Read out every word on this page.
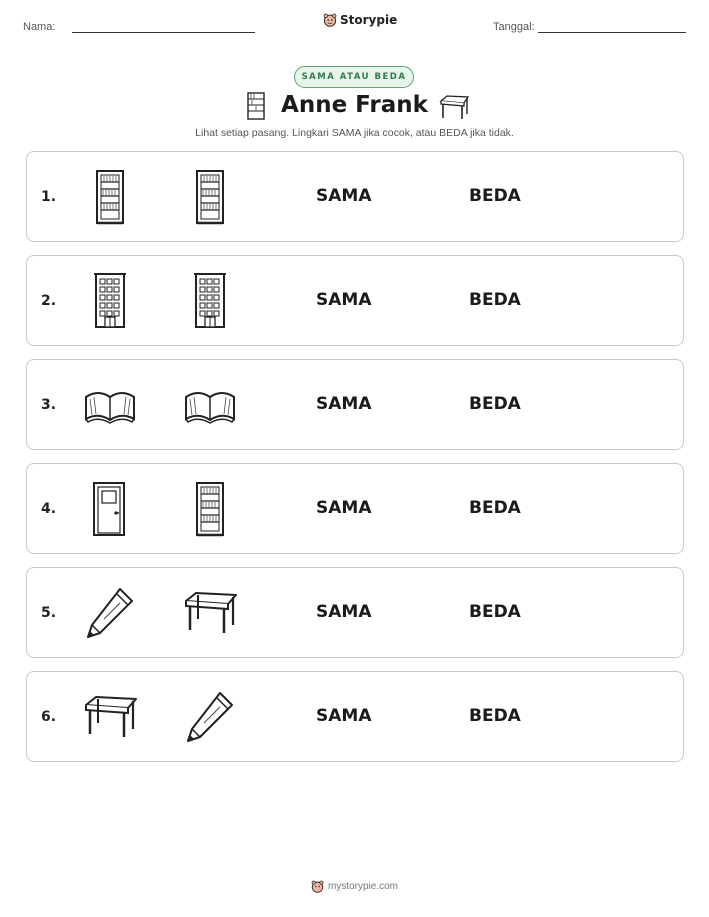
Nama:	Storypie	Tanggal:
SAMA ATAU BEDA
Anne Frank
Lihat setiap pasang. Lingkari SAMA jika cocok, atau BEDA jika tidak.
1.	SAMA	BEDA
2.	SAMA	BEDA
3.	SAMA	BEDA
4.	SAMA	BEDA
5.	SAMA	BEDA
6.	SAMA	BEDA
mystorypie.com
